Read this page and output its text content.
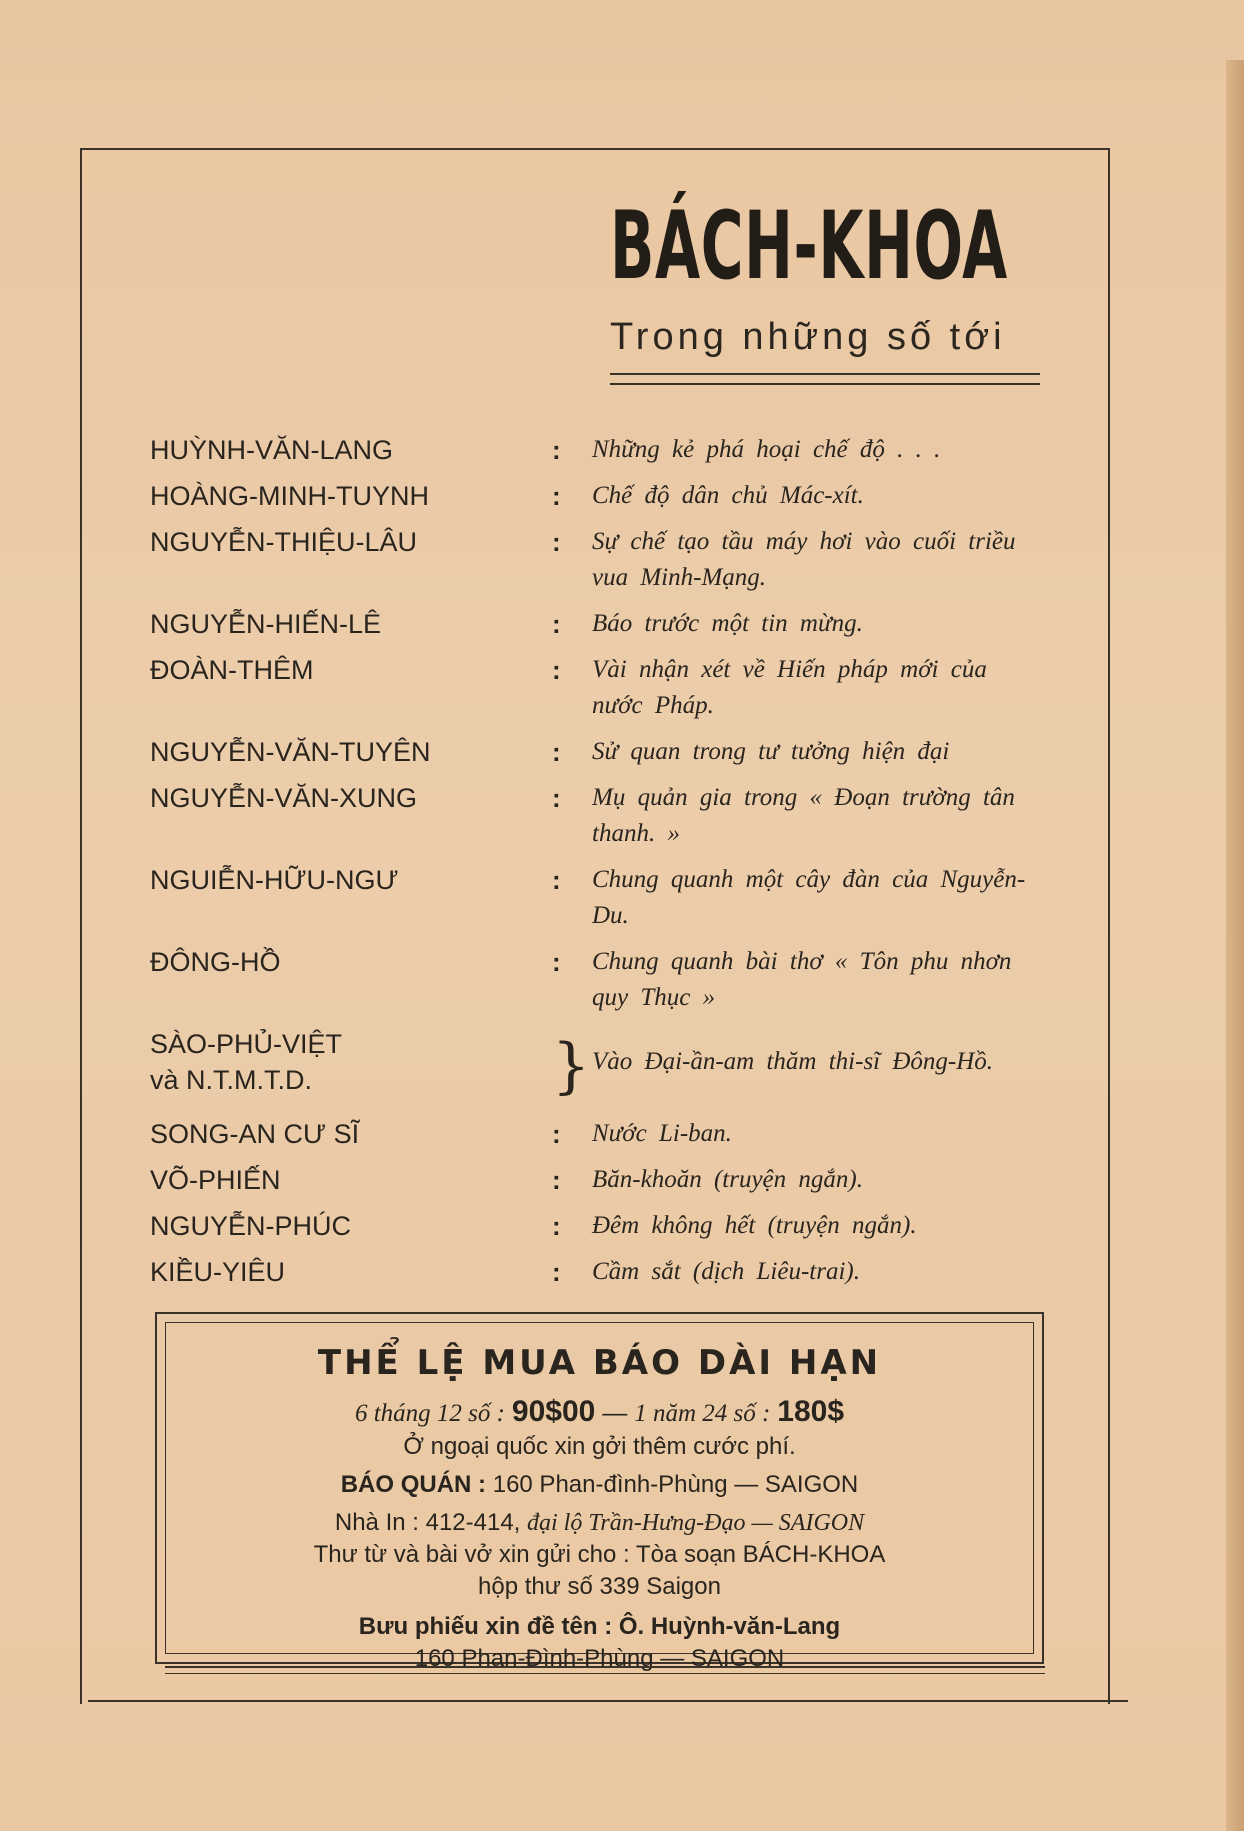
BÁCH-KHOA
Trong những số tới
HUỲNH-VĂN-LANG	:	Những kẻ phá hoại chế độ . . .
HOÀNG-MINH-TUYNH	:	Chế độ dân chủ Mác-xít.
NGUYỄN-THIỆU-LÂU	:	Sự chế tạo tầu máy hơi vào cuối triều vua Minh-Mạng.
NGUYỄN-HIẾN-LÊ	:	Báo trước một tin mừng.
ĐOÀN-THÊM	:	Vài nhận xét về Hiến pháp mới của nước Pháp.
NGUYỄN-VĂN-TUYÊN	:	Sử quan trong tư tưởng hiện đại
NGUYỄN-VĂN-XUNG	:	Mụ quản gia trong « Đoạn trường tân thanh. »
NGUIỄN-HỮU-NGƯ	:	Chung quanh một cây đàn của Nguyễn-Du.
ĐÔNG-HỒ	:	Chung quanh bài thơ « Tôn phu nhơn quy Thục »
SÀO-PHỦ-VIỆT
và N.T.M.T.D.	} Vào Đại-ần-am thăm thi-sĩ Đông-Hồ.
SONG-AN CƯ SĨ	:	Nước Li-ban.
VÕ-PHIẾN	:	Băn-khoăn (truyện ngắn).
NGUYỄN-PHÚC	:	Đêm không hết (truyện ngắn).
KIỀU-YIÊU	:	Cầm sắt (dịch Liêu-trai).
THỂ LỆ MUA BÁO DÀI HẠN
6 tháng 12 số : 90$00 — 1 năm 24 số : 180$
Ở ngoại quốc xin gởi thêm cước phí.
BÁO QUÁN : 160 Phan-đình-Phùng — SAIGON
Nhà In : 412-414, đại lộ Trần-Hưng-Đạo — SAIGON
Thư từ và bài vở xin gửi cho : Tòa soạn BÁCH-KHOA
hộp thư số 339 Saigon
Bưu phiếu xin đề tên : Ô. Huỳnh-văn-Lang
160 Phan-Đình-Phùng — SAIGON
